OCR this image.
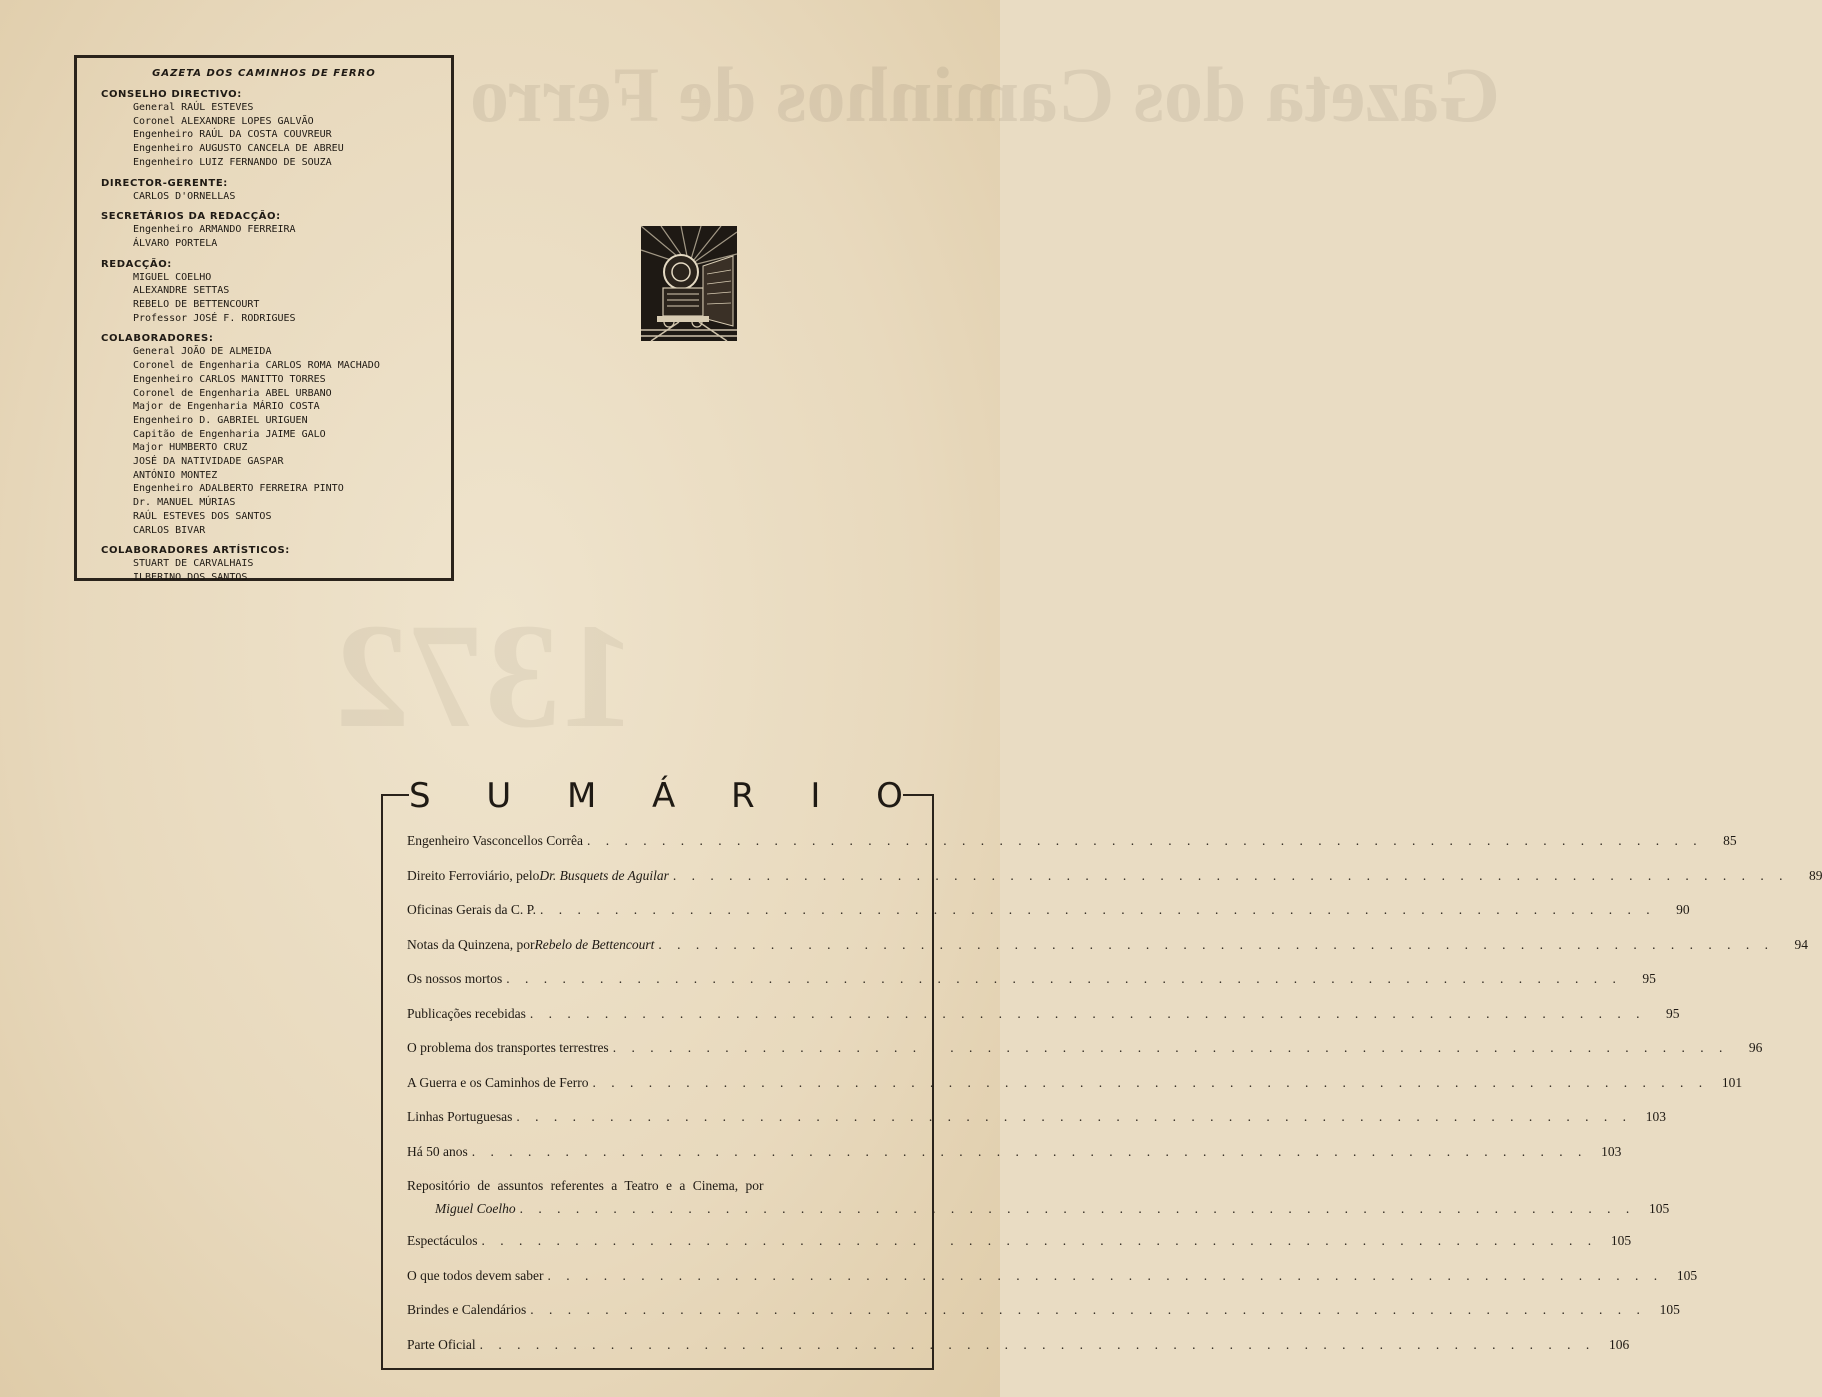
Gazeta dos
GAZETA DOS CAMINHOS DE FERRO
CONSELHO DIRECTIVO:
General RAÚL ESTEVES
Coronel ALEXANDRE LOPES GALVÃO
Engenheiro RAÚL DA COSTA COUVREUR
Engenheiro AUGUSTO CANCELA DE ABREU
Engenheiro LUIZ FERNANDO DE SOUZA
DIRECTOR-GERENTE:
CARLOS D'ORNELLAS
SECRETÁRIOS DA REDACÇÃO:
Engenheiro ARMANDO FERREIRA
ÁLVARO PORTELA
REDACÇÃO:
MIGUEL COELHO
ALEXANDRE SETTAS
REBELO DE BETTENCOURT
Professor JOSÉ F. RODRIGUES
COLABORADORES:
General JOÃO DE ALMEIDA
Coronel de Engenharia CARLOS ROMA MACHADO
Engenheiro CARLOS MANITTO TORRES
Coronel de Engenharia ABEL URBANO
Major de Engenharia MÁRIO COSTA
Engenheiro D. GABRIEL URIGUEN
Capitão de Engenharia JAIME GALO
Major HUMBERTO CRUZ
JOSÉ DA NATIVIDADE GASPAR
ANTÓNIO MONTEZ
Engenheiro ADALBERTO FERREIRA PINTO
Dr. MANUEL MÚRIAS
RAÚL ESTEVES DOS SANTOS
CARLOS BIVAR
COLABORADORES ARTÍSTICOS:
STUART DE CARVALHAIS
ILBERINO DOS SANTOS
S U M Á R I O
Engenheiro Vasconcellos Corrêa . . . . . . . . . . . . . . . . . . . . . . . . . . . . . . . . . . . . . . . . . . . . . . . . . . . . . . . . . . . .	85
Direito Ferroviário, pelo Dr. Busquets de Aguilar . . . . . . . . . . . . . . . . . . . . . . . . . . . . . . . . . . . . . . . . . . . . . . . . . . . . . . . . . . . .	89
Oficinas Gerais da C. P. . . . . . . . . . . . . . . . . . . . . . . . . . . . . . . . . . . . . . . . . . . . . . . . . . . . . . . . . . . . .	90
Notas da Quinzena, por Rebelo de Bettencourt . . . . . . . . . . . . . . . . . . . . . . . . . . . . . . . . . . . . . . . . . . . . . . . . . . . . . . . . . . . .	94
Os nossos mortos . . . . . . . . . . . . . . . . . . . . . . . . . . . . . . . . . . . . . . . . . . . . . . . . . . . . . . . . . . . .	95
Publicações recebidas . . . . . . . . . . . . . . . . . . . . . . . . . . . . . . . . . . . . . . . . . . . . . . . . . . . . . . . . . . . .	95
O problema dos transportes terrestres . . . . . . . . . . . . . . . . . . . . . . . . . . . . . . . . . . . . . . . . . . . . . . . . . . . . . . . . . . . .	96
A Guerra e os Caminhos de Ferro . . . . . . . . . . . . . . . . . . . . . . . . . . . . . . . . . . . . . . . . . . . . . . . . . . . . . . . . . . . .	101
Linhas Portuguesas . . . . . . . . . . . . . . . . . . . . . . . . . . . . . . . . . . . . . . . . . . . . . . . . . . . . . . . . . . . .	103
Há 50 anos . . . . . . . . . . . . . . . . . . . . . . . . . . . . . . . . . . . . . . . . . . . . . . . . . . . . . . . . . . . .	103
Repositório de assuntos referentes a Teatro e a Cinema, por
Miguel Coelho . . . . . . . . . . . . . . . . . . . . . . . . . . . . . . . . . . . . . . . . . . . . . . . . . . . . . . . . . . . .	105
Espectáculos . . . . . . . . . . . . . . . . . . . . . . . . . . . . . . . . . . . . . . . . . . . . . . . . . . . . . . . . . . . .	105
O que todos devem saber . . . . . . . . . . . . . . . . . . . . . . . . . . . . . . . . . . . . . . . . . . . . . . . . . . . . . . . . . . . .	105
Brindes e Calendários . . . . . . . . . . . . . . . . . . . . . . . . . . . . . . . . . . . . . . . . . . . . . . . . . . . . . . . . . . . .	105
Parte Oficial . . . . . . . . . . . . . . . . . . . . . . . . . . . . . . . . . . . . . . . . . . . . . . . . . . . . . . . . . . . .	106
